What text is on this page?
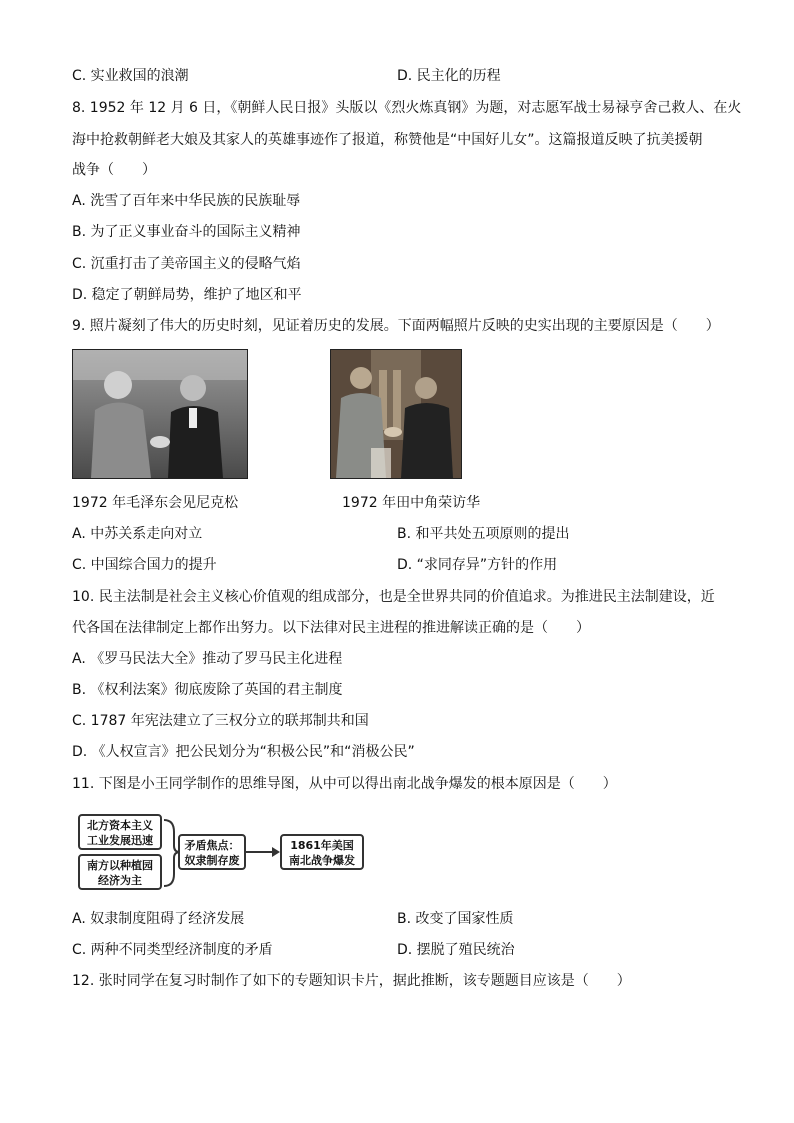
C. 实业救国的浪潮	D. 民主化的历程
8. 1952 年 12 月 6 日，《朝鲜人民日报》头版以《烈火炼真钢》为题，对志愿军战士易禄亨舍己救人、在火
海中抢救朝鲜老大娘及其家人的英雄事迹作了报道，称赞他是“中国好儿女”。这篇报道反映了抗美援朝
战争（　　）
A. 洗雪了百年来中华民族的民族耻辱
B. 为了正义事业奋斗的国际主义精神
C. 沉重打击了美帝国主义的侵略气焰
D. 稳定了朝鲜局势，维护了地区和平
9. 照片凝刻了伟大的历史时刻，见证着历史的发展。下面两幅照片反映的史实出现的主要原因是（　　）
1972 年毛泽东会见尼克松	1972 年田中角荣访华
A. 中苏关系走向对立	B. 和平共处五项原则的提出
C. 中国综合国力的提升	D. “求同存异”方针的作用
10. 民主法制是社会主义核心价值观的组成部分，也是全世界共同的价值追求。为推进民主法制建设，近
代各国在法律制定上都作出努力。以下法律对民主进程的推进解读正确的是（　　）
A. 《罗马民法大全》推动了罗马民主化进程
B. 《权利法案》彻底废除了英国的君主制度
C. 1787 年宪法建立了三权分立的联邦制共和国
D. 《人权宣言》把公民划分为“积极公民”和“消极公民”
11. 下图是小王同学制作的思维导图，从中可以得出南北战争爆发的根本原因是（　　）
北方资本主义工业发展迅速
南方以种植园经济为主
矛盾焦点：奴隶制存废
1861年美国南北战争爆发
A. 奴隶制度阻碍了经济发展	B. 改变了国家性质
C. 两种不同类型经济制度的矛盾	D. 摆脱了殖民统治
12. 张时同学在复习时制作了如下的专题知识卡片，据此推断，该专题题目应该是（　　）
